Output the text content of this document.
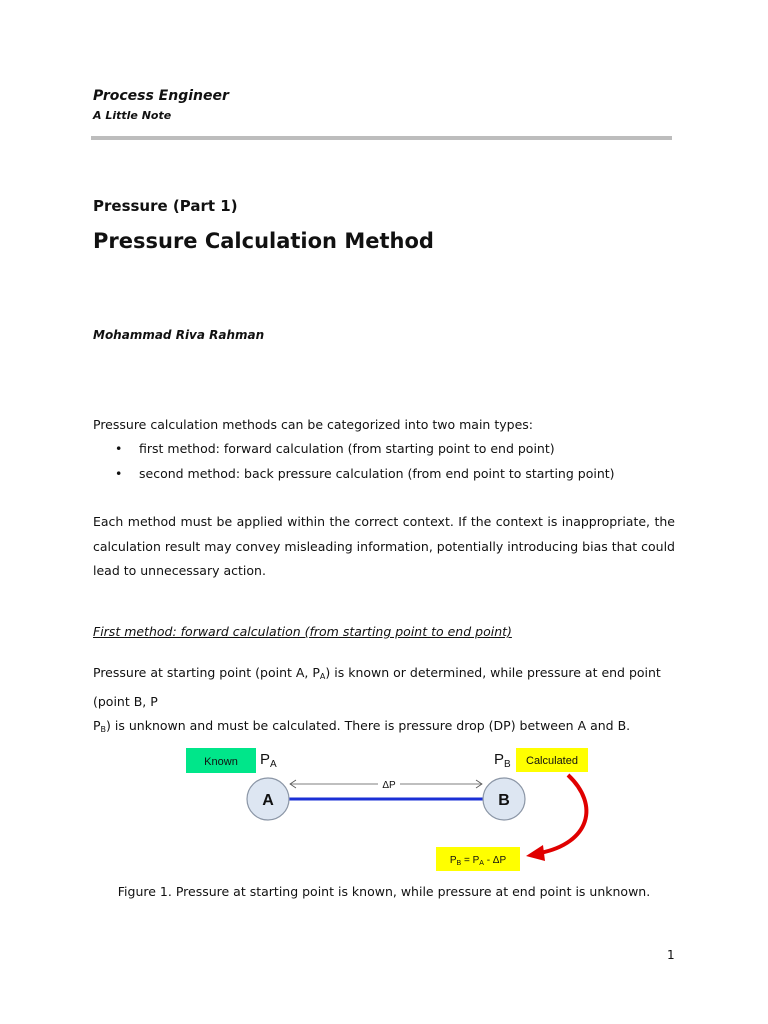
Process Engineer
A Little Note
Pressure (Part 1)
Pressure Calculation Method
Mohammad Riva Rahman
Pressure calculation methods can be categorized into two main types:
• first method: forward calculation (from starting point to end point)
• second method: back pressure calculation (from end point to starting point)
Each method must be applied within the correct context. If the context is inappropriate, the calculation result may convey misleading information, potentially introducing bias that could lead to unnecessary action.
First method: forward calculation (from starting point to end point)
Pressure at starting point (point A, $P_A$) is known or determined, while pressure at end point (point B, P
$P_B$) is unknown and must be calculated. There is pressure drop (DP) between A and B.
Known $P_A$	$P_B$ Calculated
ΔP
A	B
$P_B = P_A - \Delta P$
Figure 1. Pressure at starting point is known, while pressure at end point is unknown.
1
